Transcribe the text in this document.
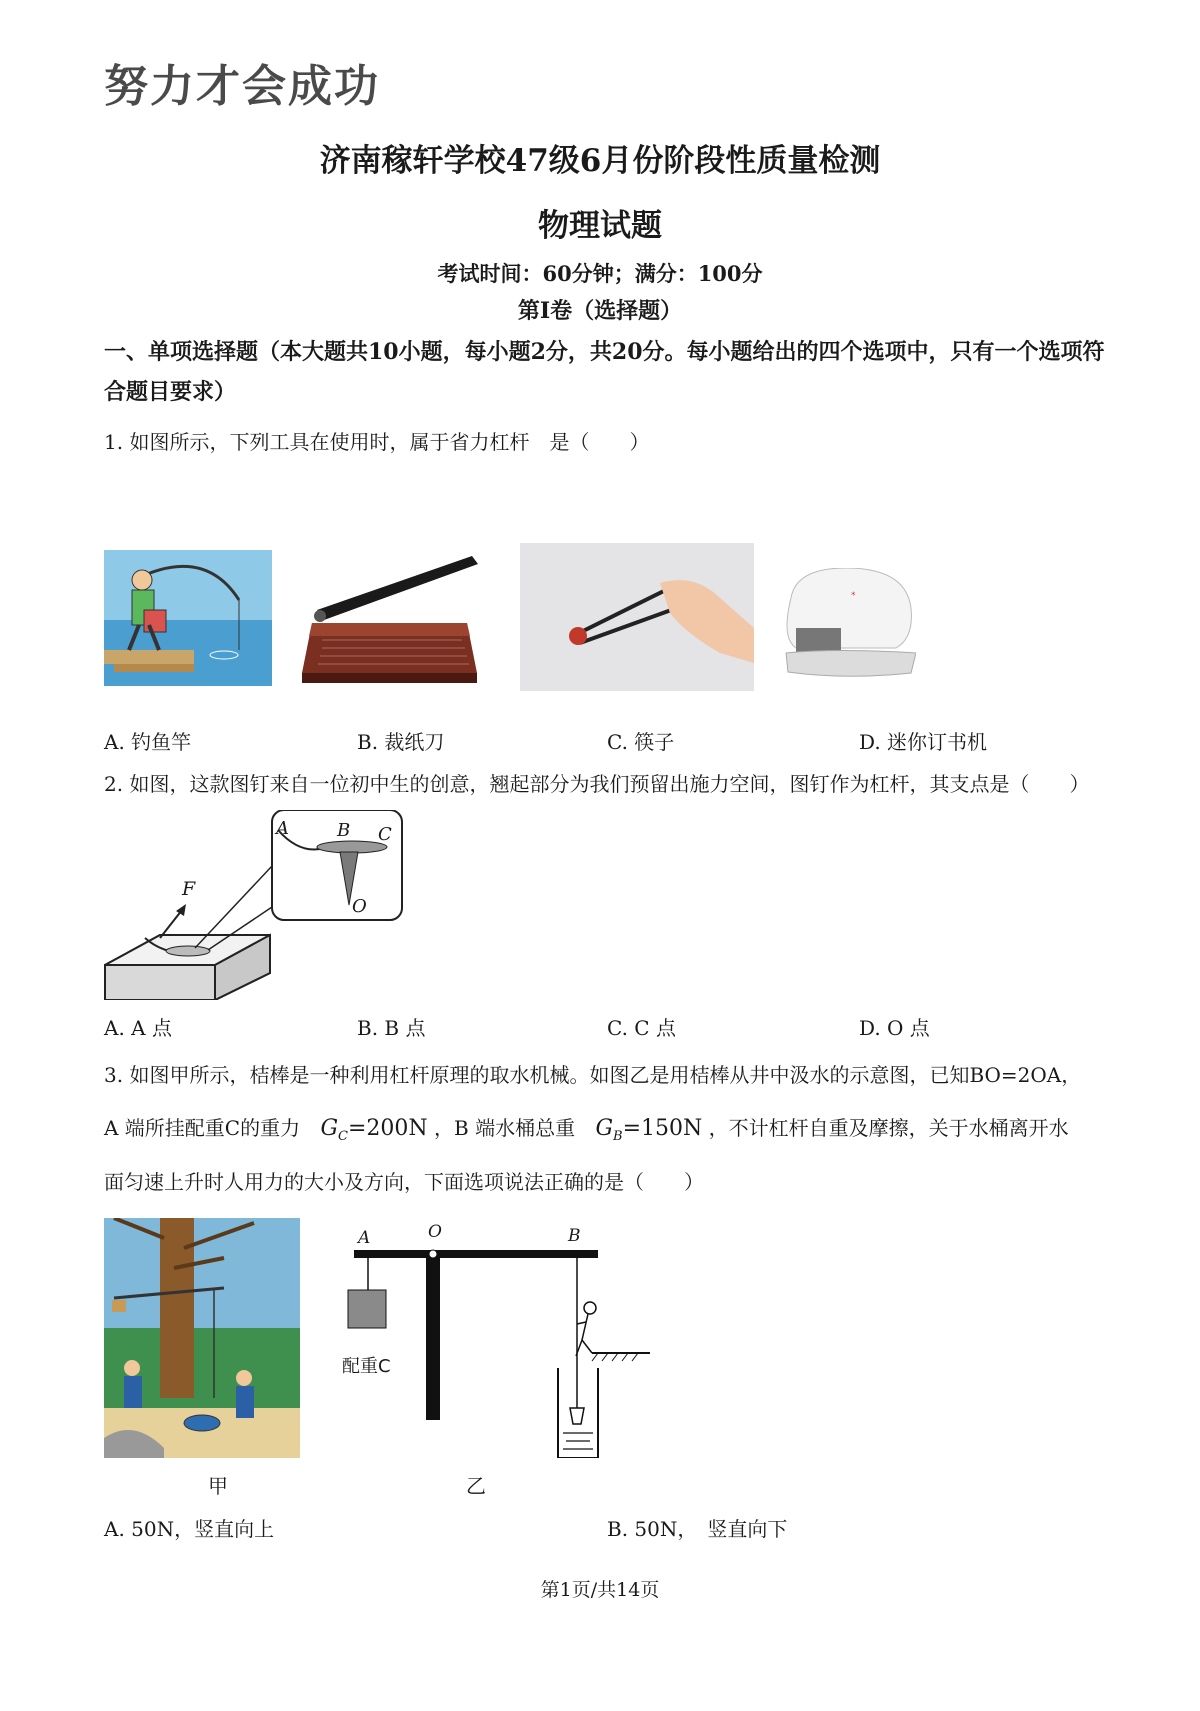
努力才会成功
济南稼轩学校47级6月份阶段性质量检测
物理试题
考试时间：60分钟；满分：100分
第Ⅰ卷（选择题）
一、单项选择题（本大题共10小题，每小题2分，共20分。每小题给出的四个选项中，只有一个选项符合题目要求）
1. 如图所示，下列工具在使用时，属于省力杠杆　是（　　）
*
A. 钓鱼竿	B. 裁纸刀	C. 筷子	D. 迷你订书机
2. 如图，这款图钉来自一位初中生的创意，翘起部分为我们预留出施力空间，图钉作为杠杆，其支点是（　　）
F
A	B C
O
A. A 点	B. B 点	C. C 点	D. O 点
3. 如图甲所示，桔棒是一种利用杠杆原理的取水机械。如图乙是用桔棒从井中汲水的示意图，已知BO=2OA，
A 端所挂配重C的重力 $G_C=200N$ ，B 端水桶总重 $G_B=150N$ ，不计杠杆自重及摩擦，关于水桶离开水
面匀速上升时人用力的大小及方向，下面选项说法正确的是（　　）
A	O	B
配重C
甲	乙
A. 50N，竖直向上	B. 50N，　竖直向下
第1页/共14页
